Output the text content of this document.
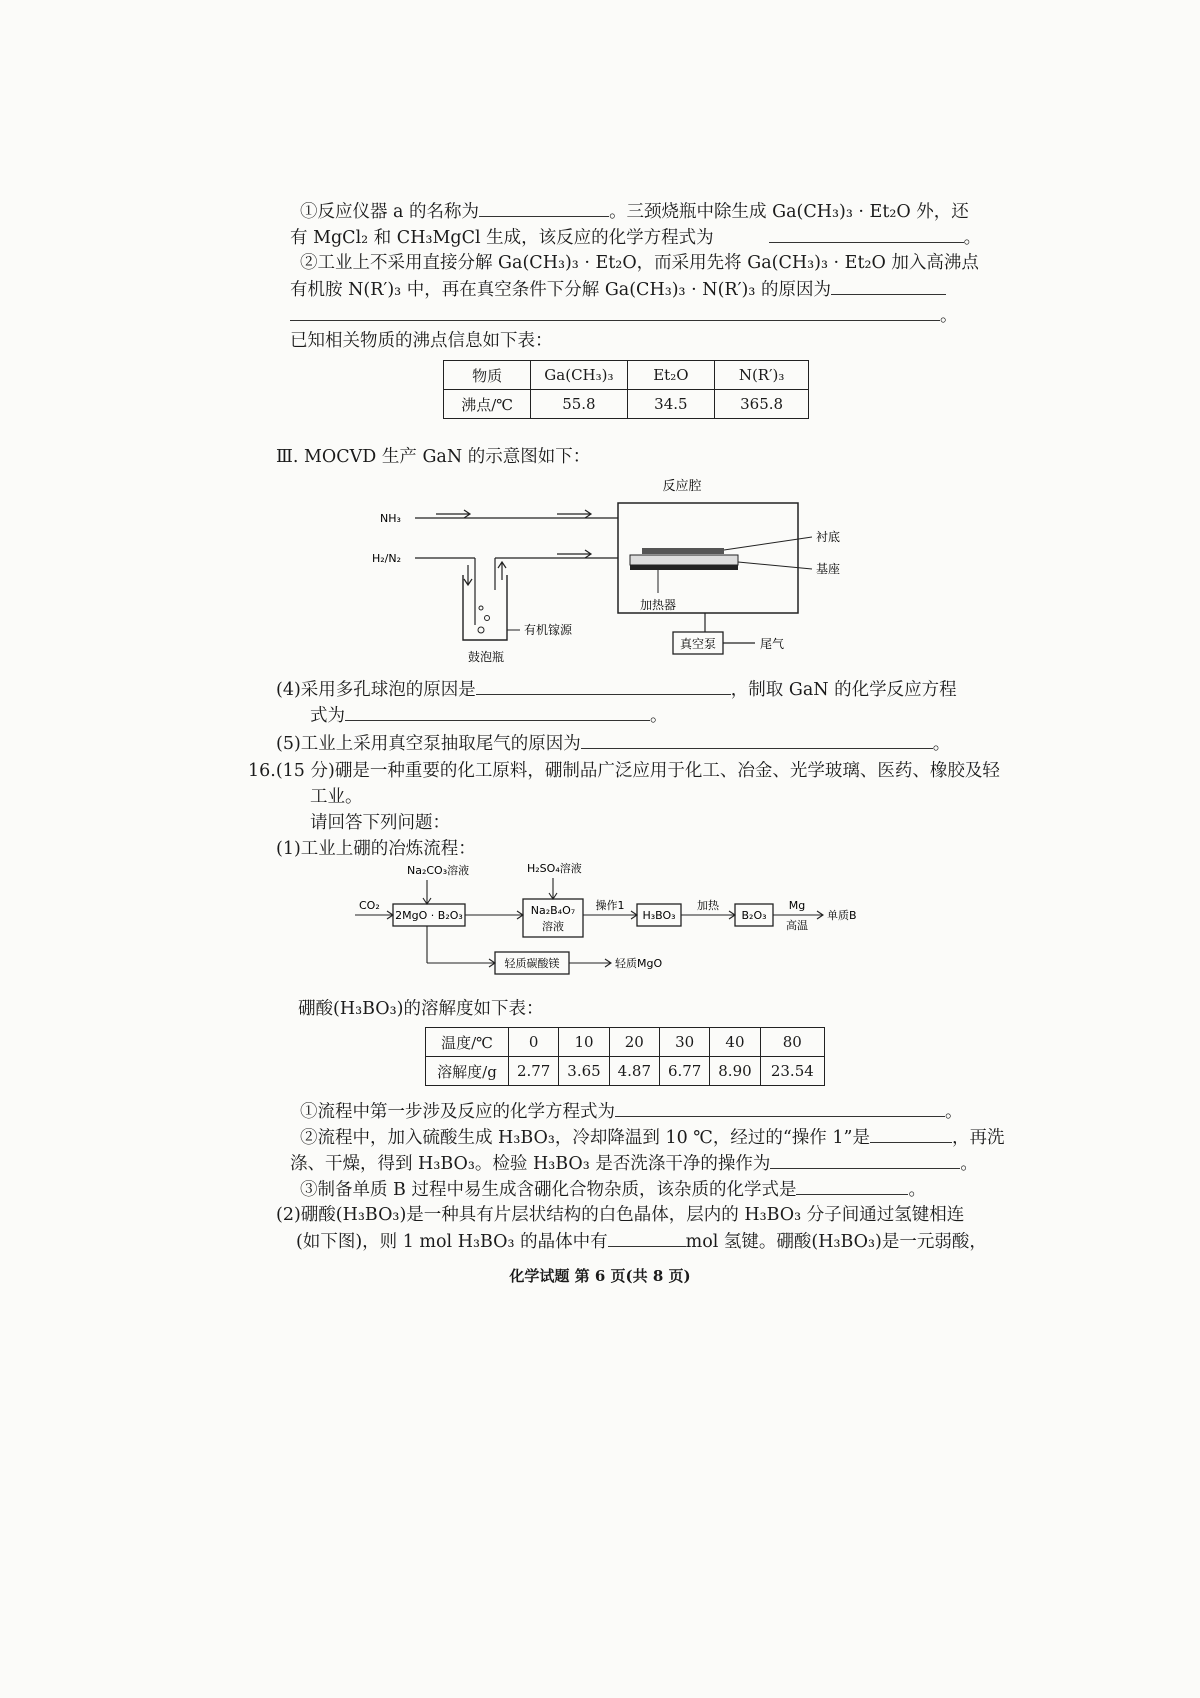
①反应仪器 a 的名称为	。三颈烧瓶中除生成 Ga(CH₃)₃ · Et₂O 外，还
有 MgCl₂ 和 CH₃MgCl 生成，该反应的化学方程式为	。
②工业上不采用直接分解 Ga(CH₃)₃ · Et₂O，而采用先将 Ga(CH₃)₃ · Et₂O 加入高沸点
有机胺 N(R′)₃ 中，再在真空条件下分解 Ga(CH₃)₃ · N(R′)₃ 的原因为
。
已知相关物质的沸点信息如下表：
物质	Ga(CH₃)₃	Et₂O	N(R′)₃
沸点/℃	55.8	34.5	365.8
Ⅲ. MOCVD 生产 GaN 的示意图如下：
反应腔
NH₃
H₂/N₂
有机镓源
鼓泡瓶
衬底
基座
加热器
真空泵	尾气
(4)采用多孔球泡的原因是	，制取 GaN 的化学反应方程
式为	。
(5)工业上采用真空泵抽取尾气的原因为	。
16.(15 分)硼是一种重要的化工原料，硼制品广泛应用于化工、冶金、光学玻璃、医药、橡胶及轻
工业。
请回答下列问题：
(1)工业上硼的冶炼流程：
Na₂CO₃溶液	H₂SO₄溶液
CO₂
2MgO · B₂O₃	Na₂B₄O₇
溶液
操作1
H₃BO₃
加热
B₂O₃
Mg
高温
单质B
轻质碳酸镁	轻质MgO
硼酸(H₃BO₃)的溶解度如下表：
温度/℃	0	10	20	30	40	80
溶解度/g	2.77	3.65	4.87	6.77	8.90	23.54
①流程中第一步涉及反应的化学方程式为	。
②流程中，加入硫酸生成 H₃BO₃，冷却降温到 10 ℃，经过的“操作 1”是	，再洗
涤、干燥，得到 H₃BO₃。检验 H₃BO₃ 是否洗涤干净的操作为	。
③制备单质 B 过程中易生成含硼化合物杂质，该杂质的化学式是	。
(2)硼酸(H₃BO₃)是一种具有片层状结构的白色晶体，层内的 H₃BO₃ 分子间通过氢键相连
(如下图)，则 1 mol H₃BO₃ 的晶体中有	mol 氢键。硼酸(H₃BO₃)是一元弱酸，
化学试题 第 6 页(共 8 页)
